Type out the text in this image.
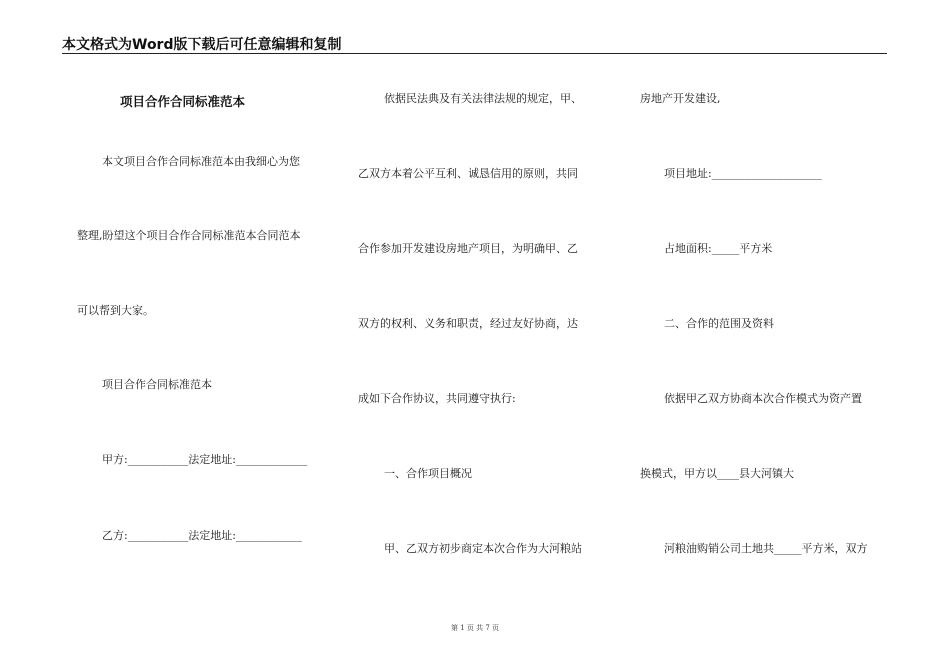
本文格式为Word版下载后可任意编辑和复制
项目合作合同标准范本
本文项目合作合同标准范本由我细心为您
整理,盼望这个项目合作合同标准范本合同范本
可以帮到大家。
项目合作合同标准范本
甲方:___________法定地址:_____________
乙方:___________法定地址:____________
依据民法典及有关法律法规的规定，甲、
乙双方本着公平互利、诚恳信用的原则，共同
合作参加开发建设房地产项目，为明确甲、乙
双方的权利、义务和职责，经过友好协商，达
成如下合作协议，共同遵守执行:
一、合作项目概况
甲、乙双方初步商定本次合作为大河粮站
房地产开发建设,
项目地址:____________________
占地面积:_____平方米
二、合作的范围及资料
依据甲乙双方协商本次合作模式为资产置
换模式，甲方以____县大河镇大
河粮油购销公司土地共_____平方米，双方
第 1 页 共 7 页
